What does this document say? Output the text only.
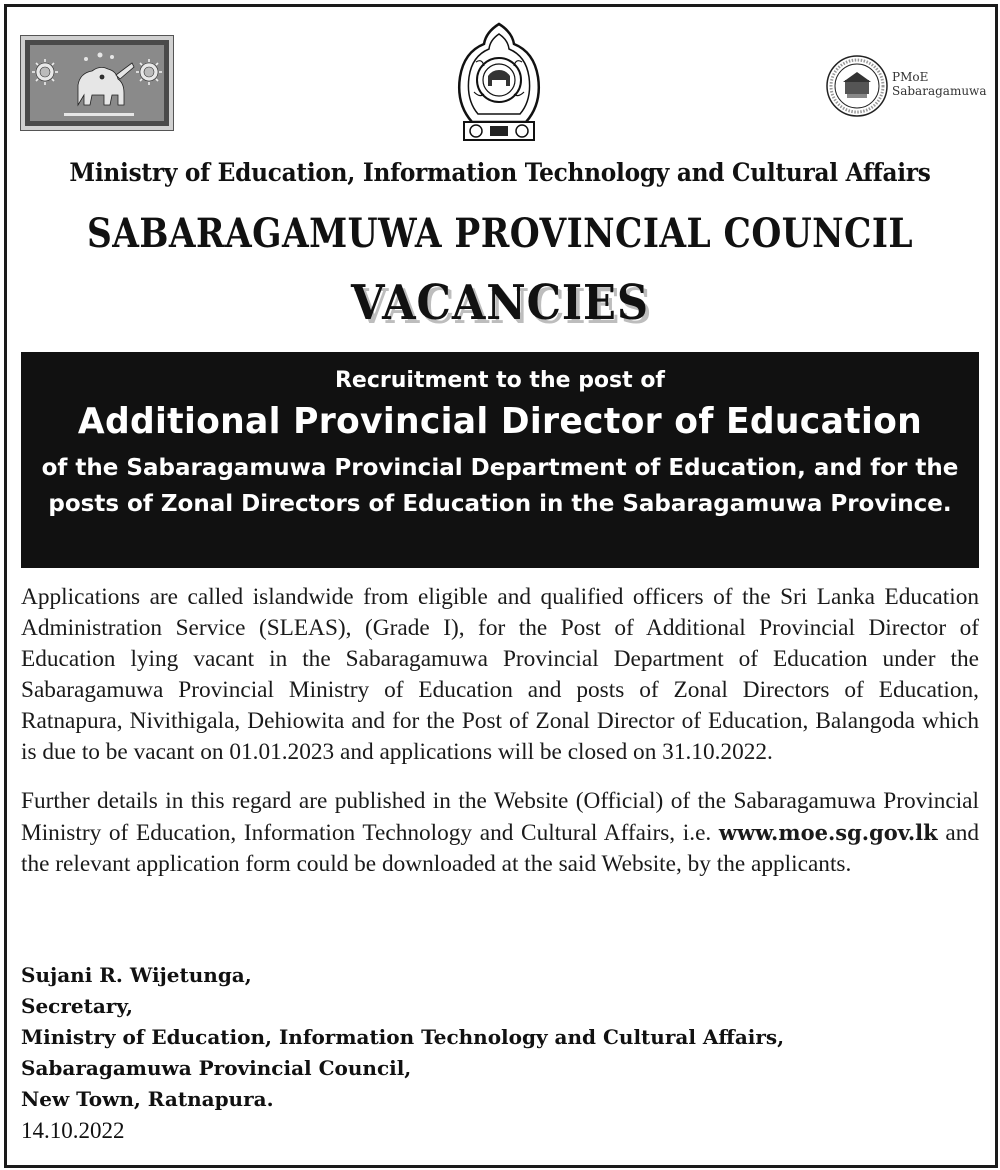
PMoE
Sabaragamuwa
Ministry of Education, Information Technology and Cultural Affairs
SABARAGAMUWA PROVINCIAL COUNCIL
VACANCIES
Recruitment to the post of
Additional Provincial Director of Education
of the Sabaragamuwa Provincial Department of Education, and for the posts of Zonal Directors of Education in the Sabaragamuwa Province.

Applications are called islandwide from eligible and qualified officers of the Sri Lanka Education Administration Service (SLEAS), (Grade I), for the Post of Additional Provincial Director of Education lying vacant in the Sabaragamuwa Provincial Department of Education under the Sabaragamuwa Provincial Ministry of Education and posts of Zonal Directors of Education, Ratnapura, Nivithigala, Dehiowita and for the Post of Zonal Director of Education, Balangoda which is due to be vacant on 01.01.2023 and applications will be closed on 31.10.2022.

Further details in this regard are published in the Website (Official) of the Sabaragamuwa Provincial Ministry of Education, Information Technology and Cultural Affairs, i.e. www.moe.sg.gov.lk and the relevant application form could be downloaded at the said Website, by the applicants.

Sujani R. Wijetunga,
Secretary,
Ministry of Education, Information Technology and Cultural Affairs,
Sabaragamuwa Provincial Council,
New Town, Ratnapura.
14.10.2022
